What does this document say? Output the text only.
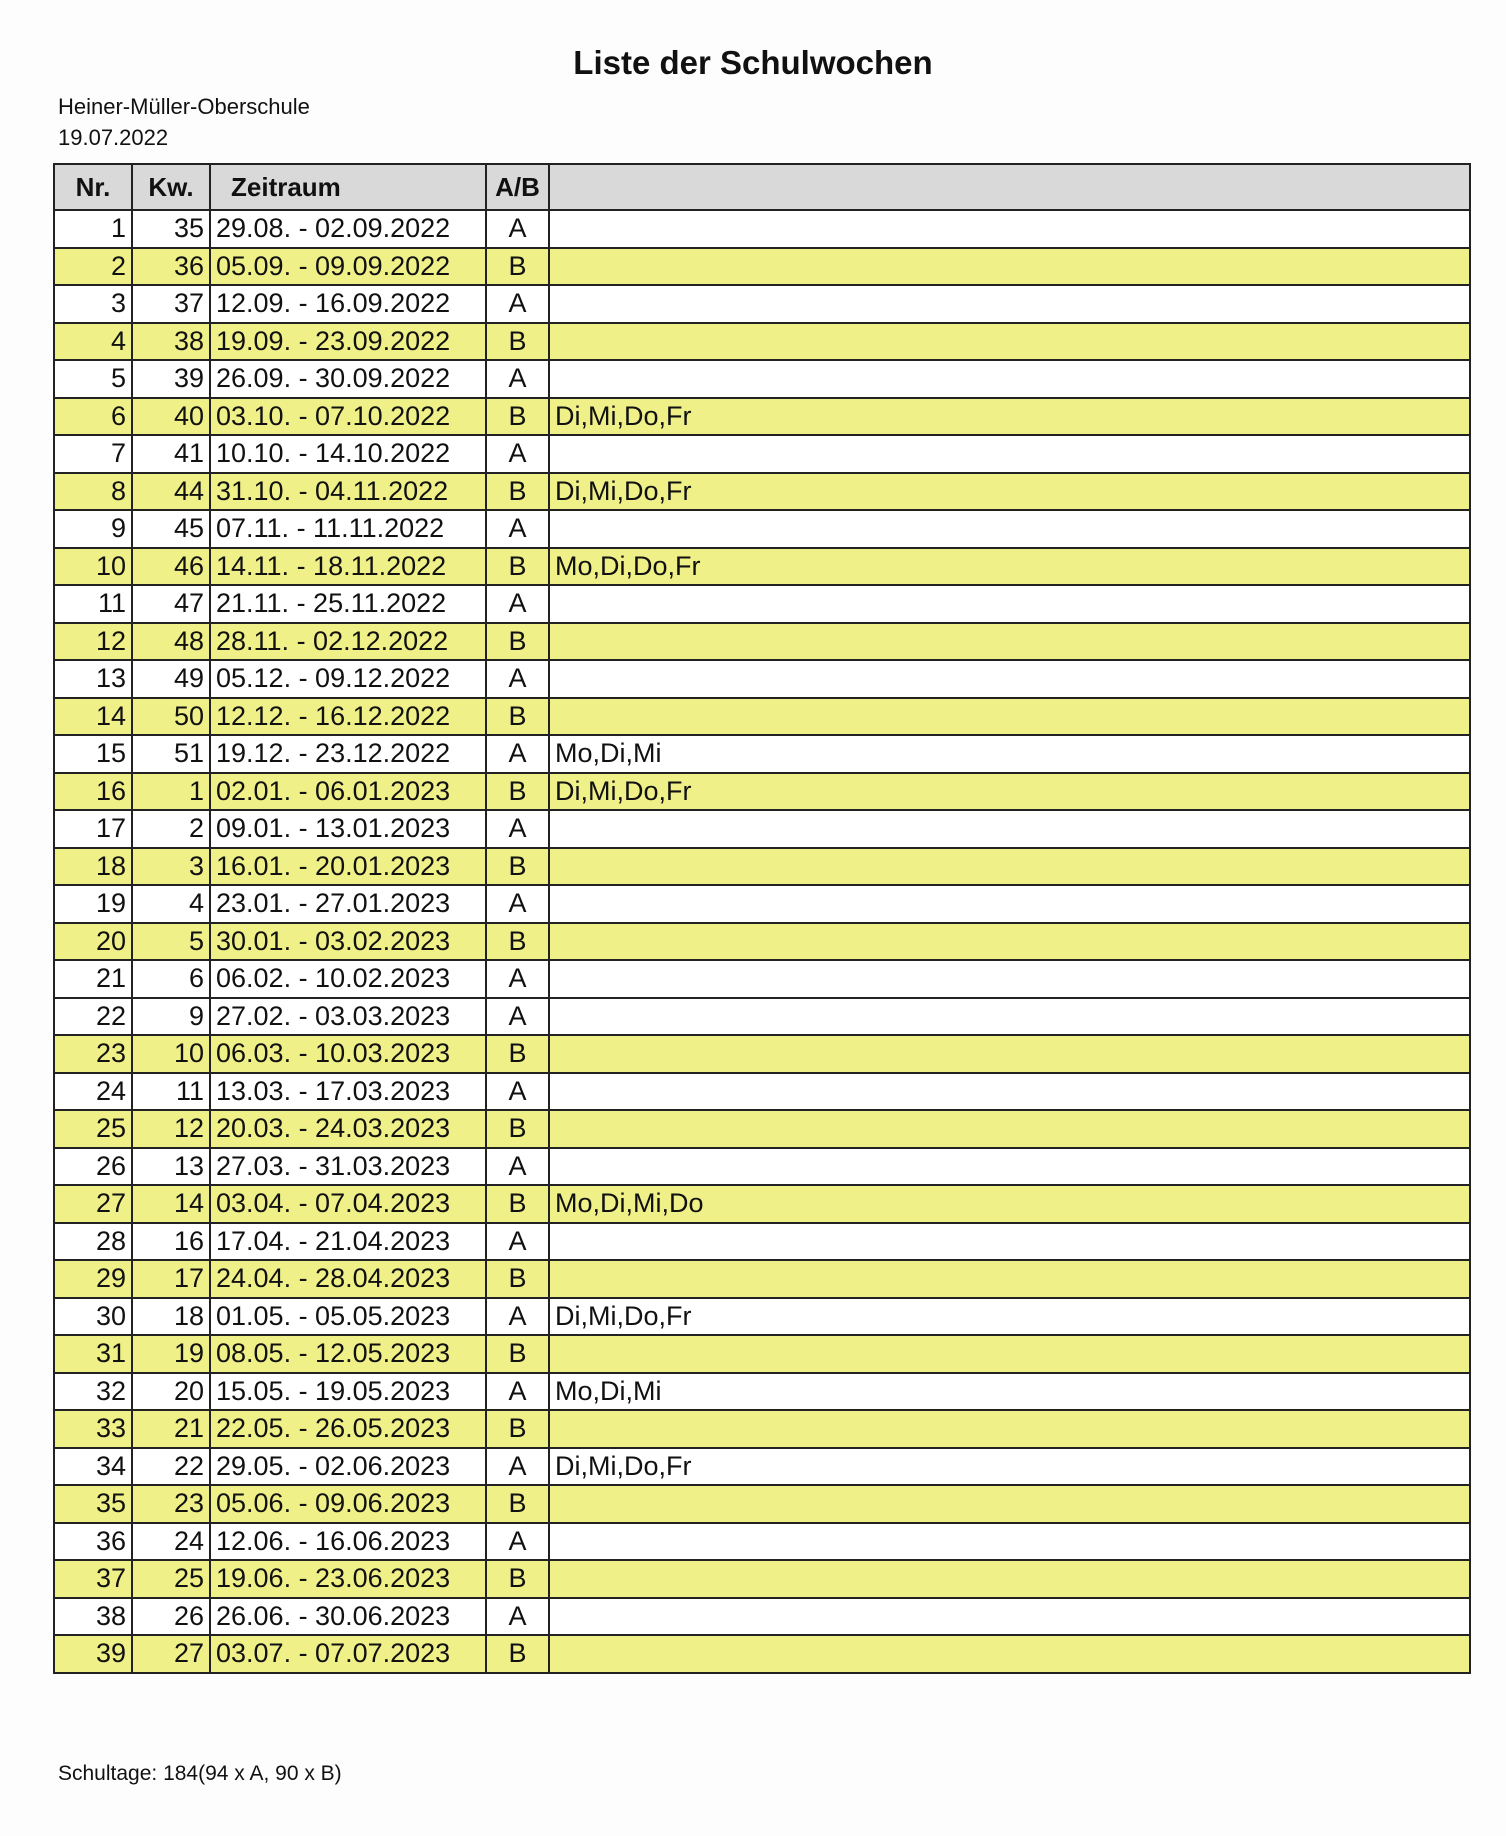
Liste der Schulwochen
Heiner-Müller-Oberschule
19.07.2022
Nr.	Kw.	Zeitraum	A/B	
1	35	29.08. - 02.09.2022	A	
2	36	05.09. - 09.09.2022	B	
3	37	12.09. - 16.09.2022	A	
4	38	19.09. - 23.09.2022	B	
5	39	26.09. - 30.09.2022	A	
6	40	03.10. - 07.10.2022	B	Di,Mi,Do,Fr
7	41	10.10. - 14.10.2022	A	
8	44	31.10. - 04.11.2022	B	Di,Mi,Do,Fr
9	45	07.11. - 11.11.2022	A	
10	46	14.11. - 18.11.2022	B	Mo,Di,Do,Fr
11	47	21.11. - 25.11.2022	A	
12	48	28.11. - 02.12.2022	B	
13	49	05.12. - 09.12.2022	A	
14	50	12.12. - 16.12.2022	B	
15	51	19.12. - 23.12.2022	A	Mo,Di,Mi
16	1	02.01. - 06.01.2023	B	Di,Mi,Do,Fr
17	2	09.01. - 13.01.2023	A	
18	3	16.01. - 20.01.2023	B	
19	4	23.01. - 27.01.2023	A	
20	5	30.01. - 03.02.2023	B	
21	6	06.02. - 10.02.2023	A	
22	9	27.02. - 03.03.2023	A	
23	10	06.03. - 10.03.2023	B	
24	11	13.03. - 17.03.2023	A	
25	12	20.03. - 24.03.2023	B	
26	13	27.03. - 31.03.2023	A	
27	14	03.04. - 07.04.2023	B	Mo,Di,Mi,Do
28	16	17.04. - 21.04.2023	A	
29	17	24.04. - 28.04.2023	B	
30	18	01.05. - 05.05.2023	A	Di,Mi,Do,Fr
31	19	08.05. - 12.05.2023	B	
32	20	15.05. - 19.05.2023	A	Mo,Di,Mi
33	21	22.05. - 26.05.2023	B	
34	22	29.05. - 02.06.2023	A	Di,Mi,Do,Fr
35	23	05.06. - 09.06.2023	B	
36	24	12.06. - 16.06.2023	A	
37	25	19.06. - 23.06.2023	B	
38	26	26.06. - 30.06.2023	A	
39	27	03.07. - 07.07.2023	B	
Schultage: 184(94 x A, 90 x B)
